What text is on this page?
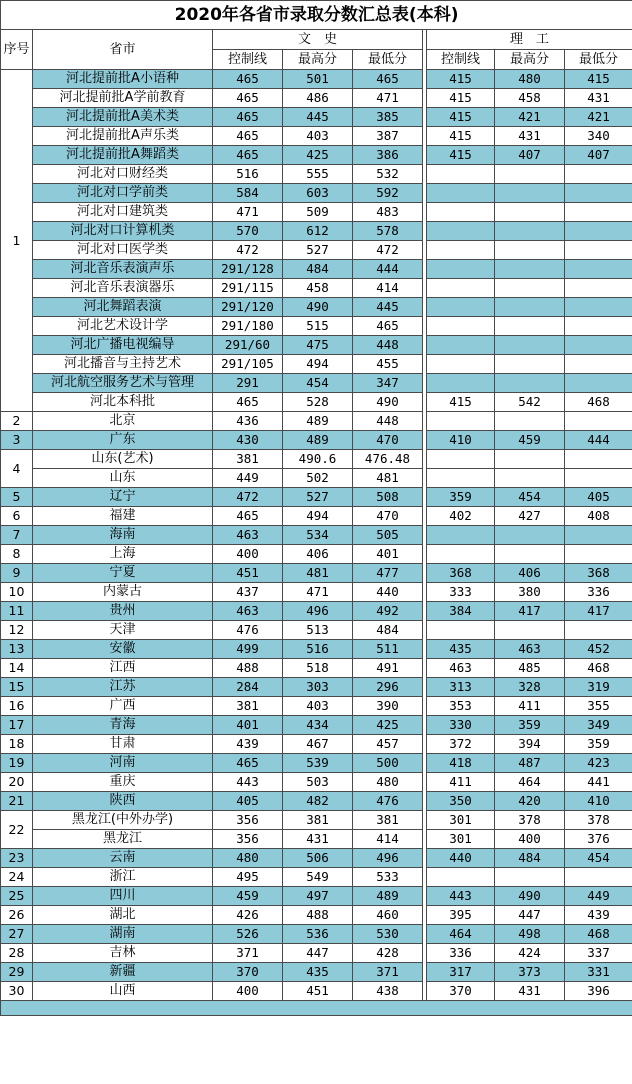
2020年各省市录取分数汇总表(本科)								
序号	省市	文　史				理　工		
		控制线	最高分	最低分		控制线	最高分	最低分
1	河北提前批A小语种	465	501	465		415	480	415
	河北提前批A学前教育	465	486	471		415	458	431
	河北提前批A美术类	465	445	385		415	421	421
	河北提前批A声乐类	465	403	387		415	431	340
	河北提前批A舞蹈类	465	425	386		415	407	407
	河北对口财经类	516	555	532				
	河北对口学前类	584	603	592				
	河北对口建筑类	471	509	483				
	河北对口计算机类	570	612	578				
	河北对口医学类	472	527	472				
	河北音乐表演声乐	291/128	484	444				
	河北音乐表演器乐	291/115	458	414				
	河北舞蹈表演	291/120	490	445				
	河北艺术设计学	291/180	515	465				
	河北广播电视编导	291/60	475	448				
	河北播音与主持艺术	291/105	494	455				
	河北航空服务艺术与管理	291	454	347				
	河北本科批	465	528	490		415	542	468
2	北京	436	489	448				
3	广东	430	489	470		410	459	444
4	山东(艺术)	381	490.6	476.48				
	山东	449	502	481				
5	辽宁	472	527	508		359	454	405
6	福建	465	494	470		402	427	408
7	海南	463	534	505				
8	上海	400	406	401				
9	宁夏	451	481	477		368	406	368
10	内蒙古	437	471	440		333	380	336
11	贵州	463	496	492		384	417	417
12	天津	476	513	484				
13	安徽	499	516	511		435	463	452
14	江西	488	518	491		463	485	468
15	江苏	284	303	296		313	328	319
16	广西	381	403	390		353	411	355
17	青海	401	434	425		330	359	349
18	甘肃	439	467	457		372	394	359
19	河南	465	539	500		418	487	423
20	重庆	443	503	480		411	464	441
21	陕西	405	482	476		350	420	410
22	黑龙江(中外办学)	356	381	381		301	378	378
	黑龙江	356	431	414		301	400	376
23	云南	480	506	496		440	484	454
24	浙江	495	549	533				
25	四川	459	497	489		443	490	449
26	湖北	426	488	460		395	447	439
27	湖南	526	536	530		464	498	468
28	吉林	371	447	428		336	424	337
29	新疆	370	435	371		317	373	331
30	山西	400	451	438		370	431	396
